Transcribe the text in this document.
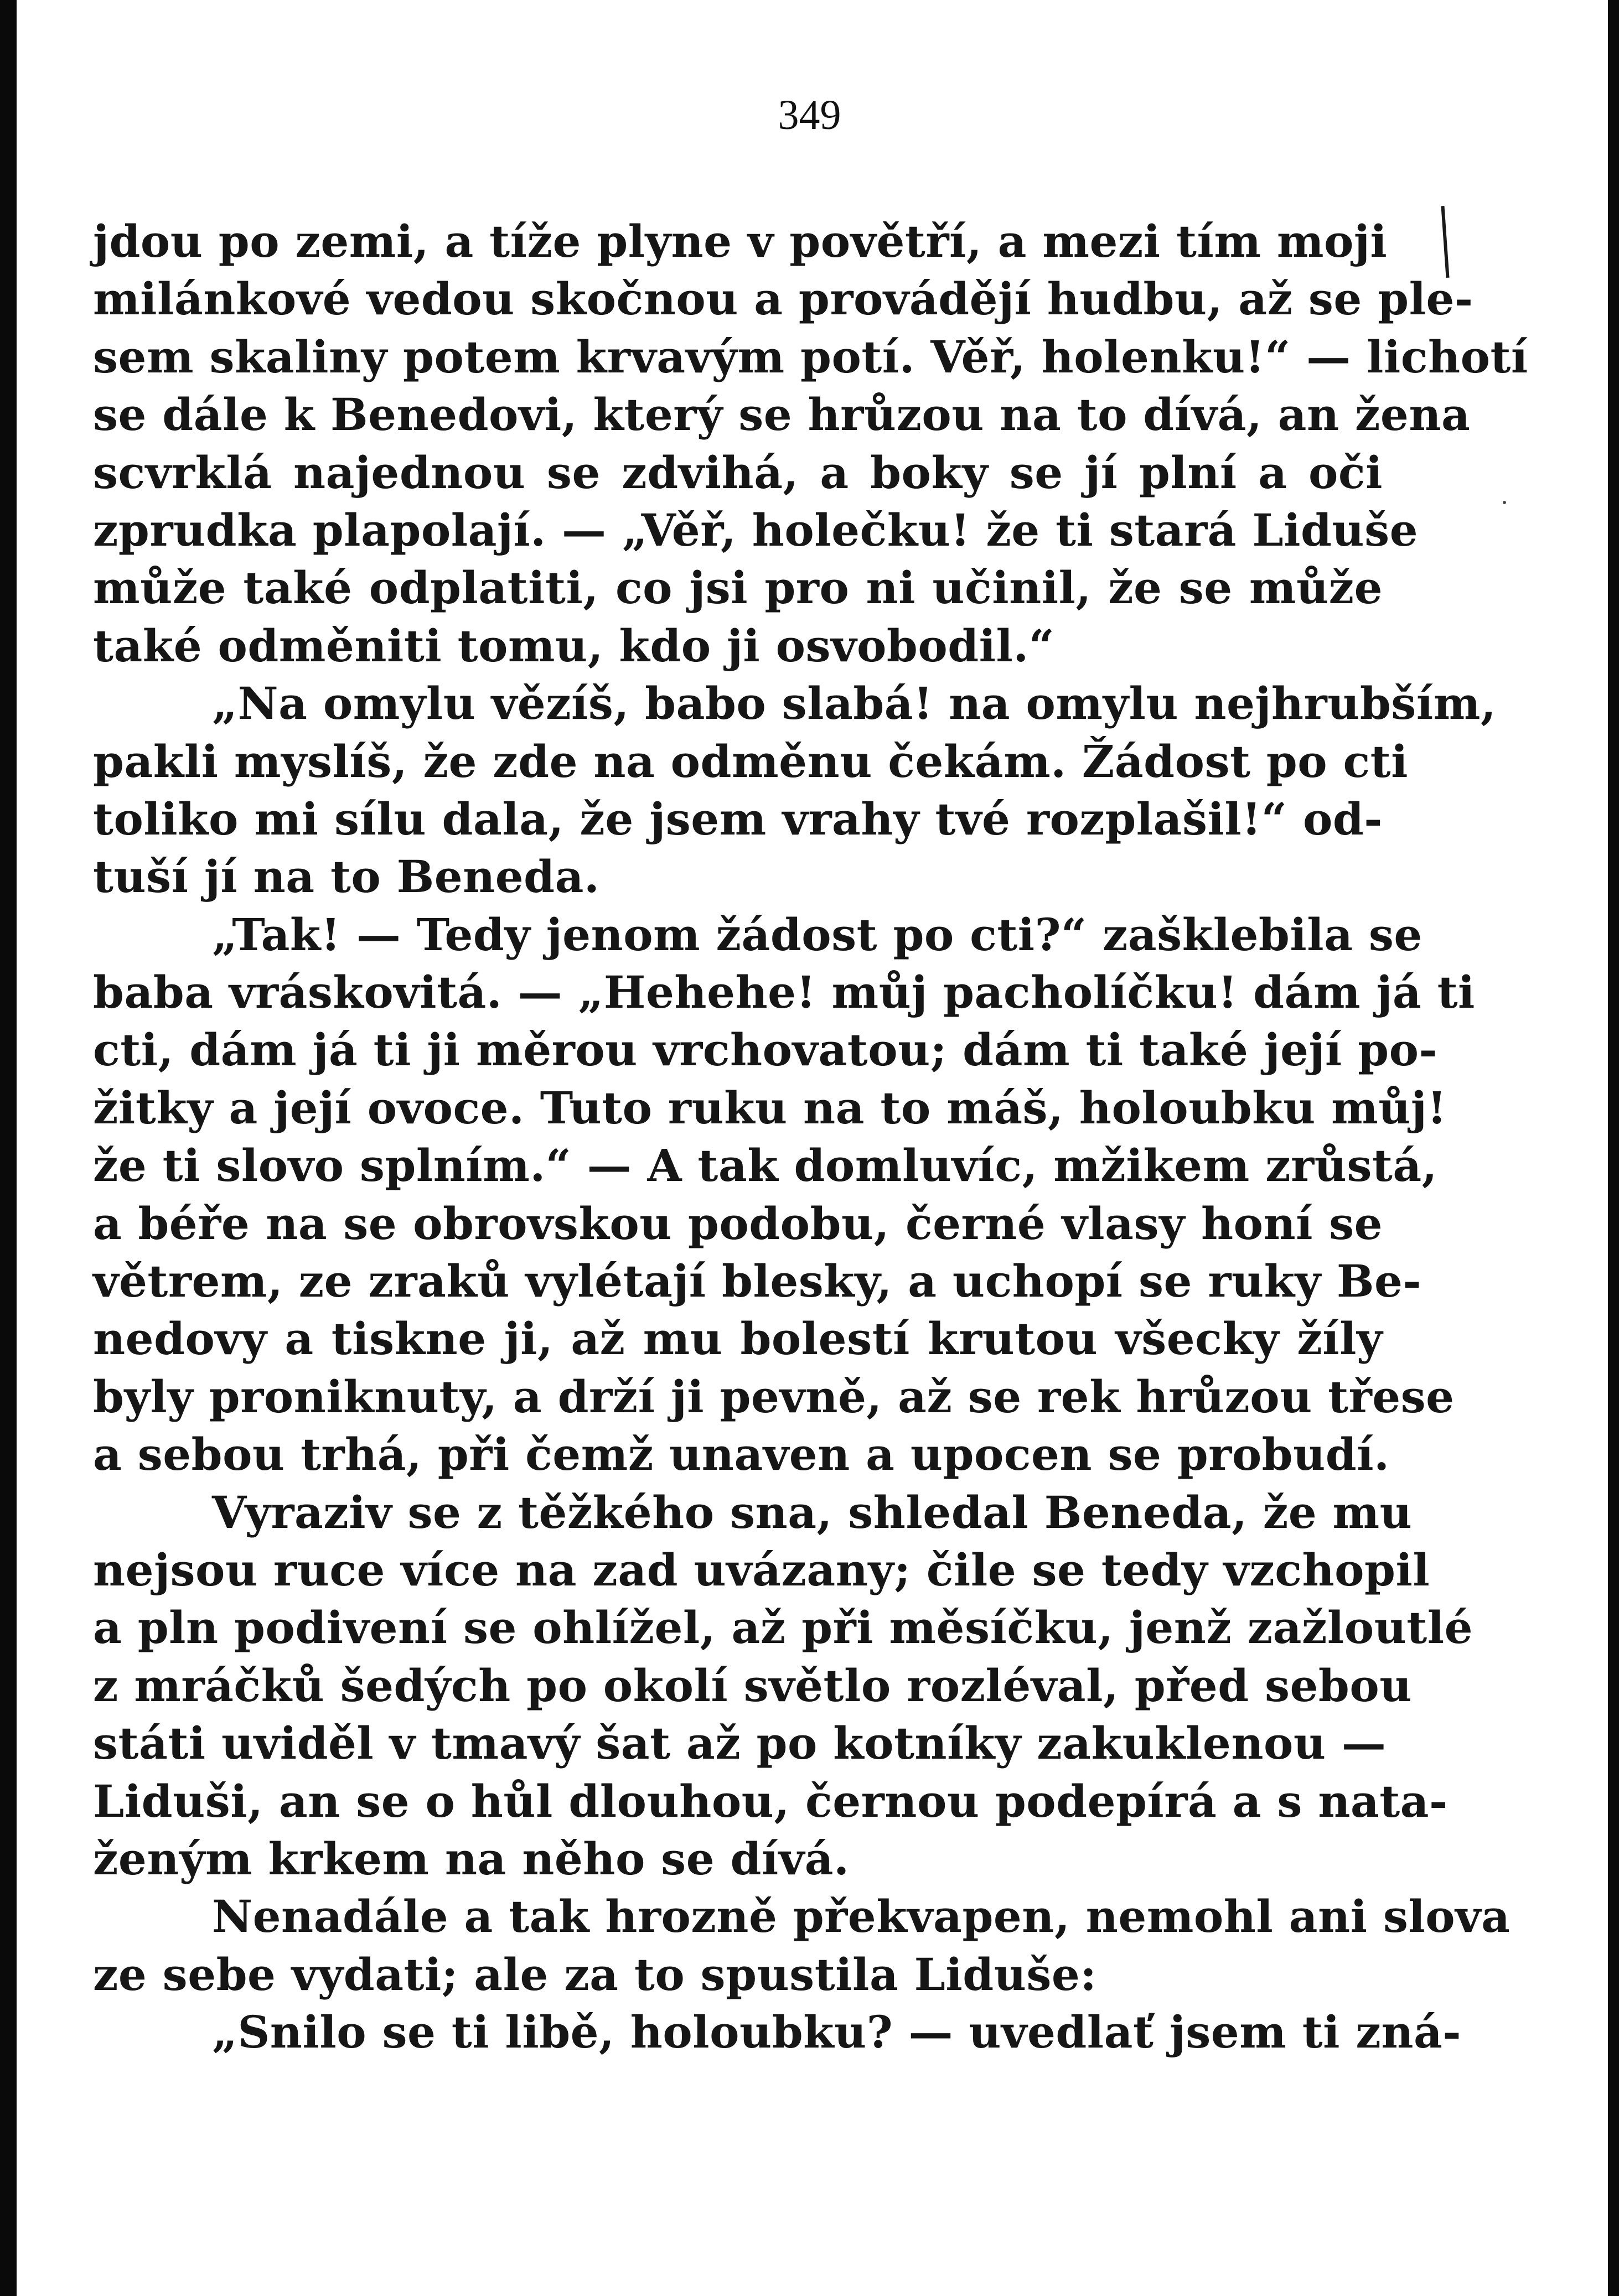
349
jdou po zemi, a tíže plyne v povětří, a mezi tím moji
milánkové vedou skočnou a provádějí hudbu, až se ple-
sem skaliny potem krvavým potí. Věř, holenku!“ — lichotí
se dále k Benedovi, který se hrůzou na to dívá, an žena
scvrklá najednou se zdvihá, a boky se jí plní a oči
zprudka plapolají. — „Věř, holečku! že ti stará Liduše
může také odplatiti, co jsi pro ni učinil, že se může
také odměniti tomu, kdo ji osvobodil.“
„Na omylu vězíš, babo slabá! na omylu nejhrubším,
pakli myslíš, že zde na odměnu čekám. Žádost po cti
toliko mi sílu dala, že jsem vrahy tvé rozplašil!“ od-
tuší jí na to Beneda.
„Tak! — Tedy jenom žádost po cti?“ zašklebila se
baba vráskovitá. — „Hehehe! můj pacholíčku! dám já ti
cti, dám já ti ji měrou vrchovatou; dám ti také její po-
žitky a její ovoce. Tuto ruku na to máš, holoubku můj!
že ti slovo splním.“ — A tak domluvíc, mžikem zrůstá,
a béře na se obrovskou podobu, černé vlasy honí se
větrem, ze zraků vylétají blesky, a uchopí se ruky Be-
nedovy a tiskne ji, až mu bolestí krutou všecky žíly
byly proniknuty, a drží ji pevně, až se rek hrůzou třese
a sebou trhá, při čemž unaven a upocen se probudí.
Vyraziv se z těžkého sna, shledal Beneda, že mu
nejsou ruce více na zad uvázany; čile se tedy vzchopil
a pln podivení se ohlížel, až při měsíčku, jenž zažloutlé
z mráčků šedých po okolí světlo rozléval, před sebou
státi uviděl v tmavý šat až po kotníky zakuklenou —
Liduši, an se o hůl dlouhou, černou podepírá a s nata-
ženým krkem na něho se dívá.
Nenadále a tak hrozně překvapen, nemohl ani slova
ze sebe vydati; ale za to spustila Liduše:
„Snilo se ti libě, holoubku? — uvedlať jsem ti zná-
